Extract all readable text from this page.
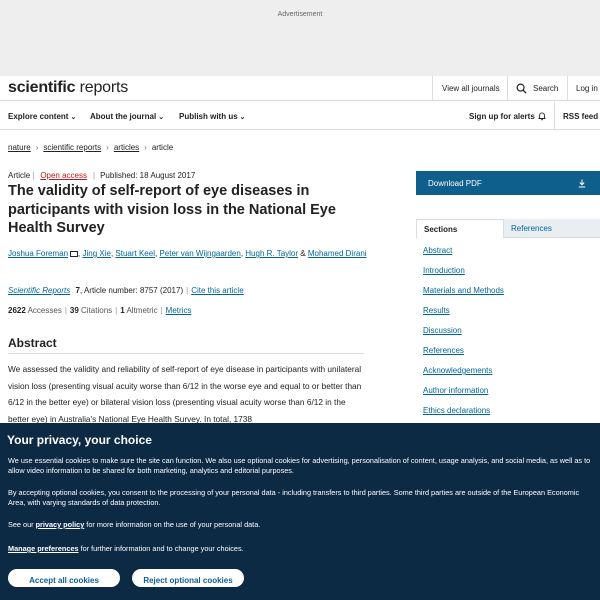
Advertisement
scientific reports	View all journals	Search Log in
Explore content ⌄ About the journal ⌄ Publish with us ⌄	Sign up for alerts	RSS feed
nature › scientific reports › articles › article
Article | Open access | Published: 18 August 2017
The validity of self-report of eye diseases in participants with vision loss in the National Eye Health Survey
Joshua Foreman , Jing Xie, Stuart Keel, Peter van Wijngaarden, Hugh R. Taylor & Mohamed Dirani
Scientific Reports 7, Article number: 8757 (2017) | Cite this article
2622 Accesses | 39 Citations | 1 Altmetric | Metrics
Abstract

We assessed the validity and reliability of self-report of eye disease in participants with unilateral vision loss (presenting visual acuity worse than 6/12 in the worse eye and equal to or better than 6/12 in the better eye) or bilateral vision loss (presenting visual acuity worse than 6/12 in the better eye) in Australia's National Eye Health Survey. In total, 1738

Download PDF
Sections	References
Abstract
Introduction
Materials and Methods
Results
Discussion
References
Acknowledgements
Author information
Ethics declarations
Your privacy, your choice

We use essential cookies to make sure the site can function. We also use optional cookies for advertising, personalisation of content, usage analysis, and social media, as well as to allow video information to be shared for both marketing, analytics and editorial purposes.

By accepting optional cookies, you consent to the processing of your personal data - including transfers to third parties. Some third parties are outside of the European Economic Area, with varying standards of data protection.

See our privacy policy for more information on the use of your personal data.

Manage preferences for further information and to change your choices.

Accept all cookies	Reject optional cookies
